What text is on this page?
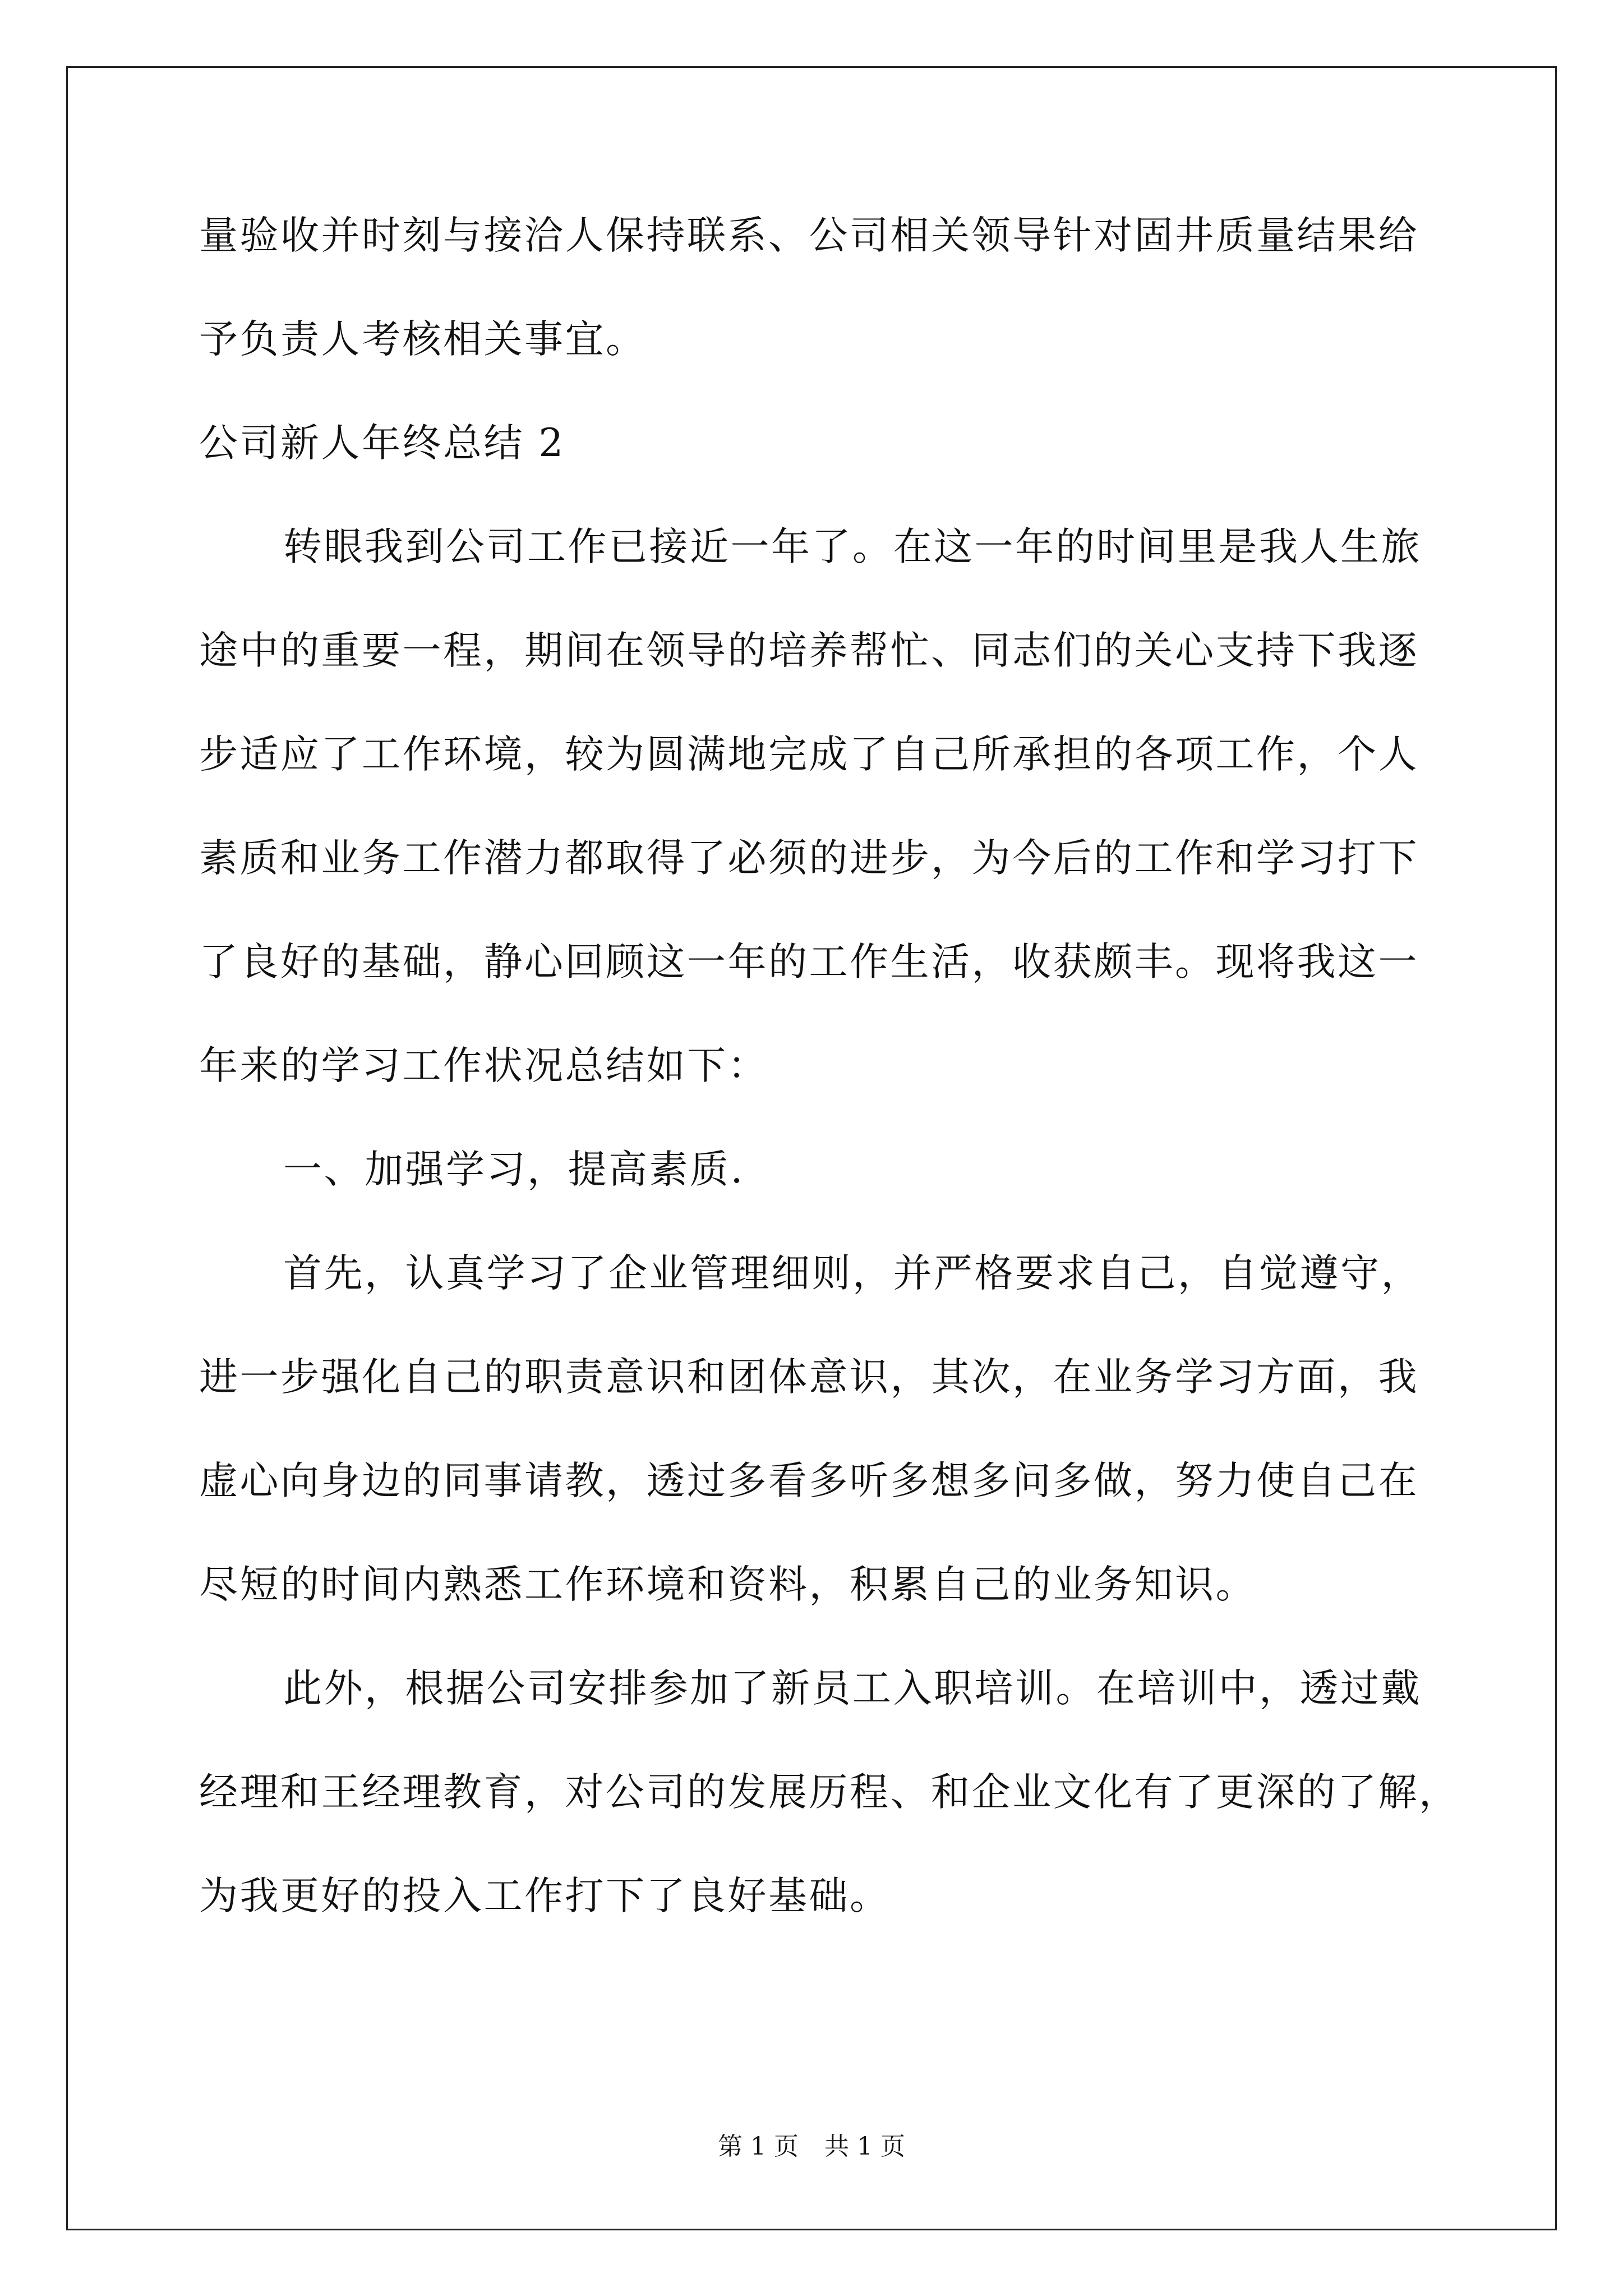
量验收并时刻与接洽人保持联系、公司相关领导针对固井质量结果给
予负责人考核相关事宜。
公司新人年终总结 2
转眼我到公司工作已接近一年了。在这一年的时间里是我人生旅
途中的重要一程，期间在领导的培养帮忙、同志们的关心支持下我逐
步适应了工作环境，较为圆满地完成了自己所承担的各项工作，个人
素质和业务工作潜力都取得了必须的进步，为今后的工作和学习打下
了良好的基础，静心回顾这一年的工作生活，收获颇丰。现将我这一
年来的学习工作状况总结如下：
一、加强学习，提高素质.
首先，认真学习了企业管理细则，并严格要求自己，自觉遵守，
进一步强化自己的职责意识和团体意识，其次，在业务学习方面，我
虚心向身边的同事请教，透过多看多听多想多问多做，努力使自己在
尽短的时间内熟悉工作环境和资料，积累自己的业务知识。
此外，根据公司安排参加了新员工入职培训。在培训中，透过戴
经理和王经理教育，对公司的发展历程、和企业文化有了更深的了解，
为我更好的投入工作打下了良好基础。
第 1 页 共 1 页
